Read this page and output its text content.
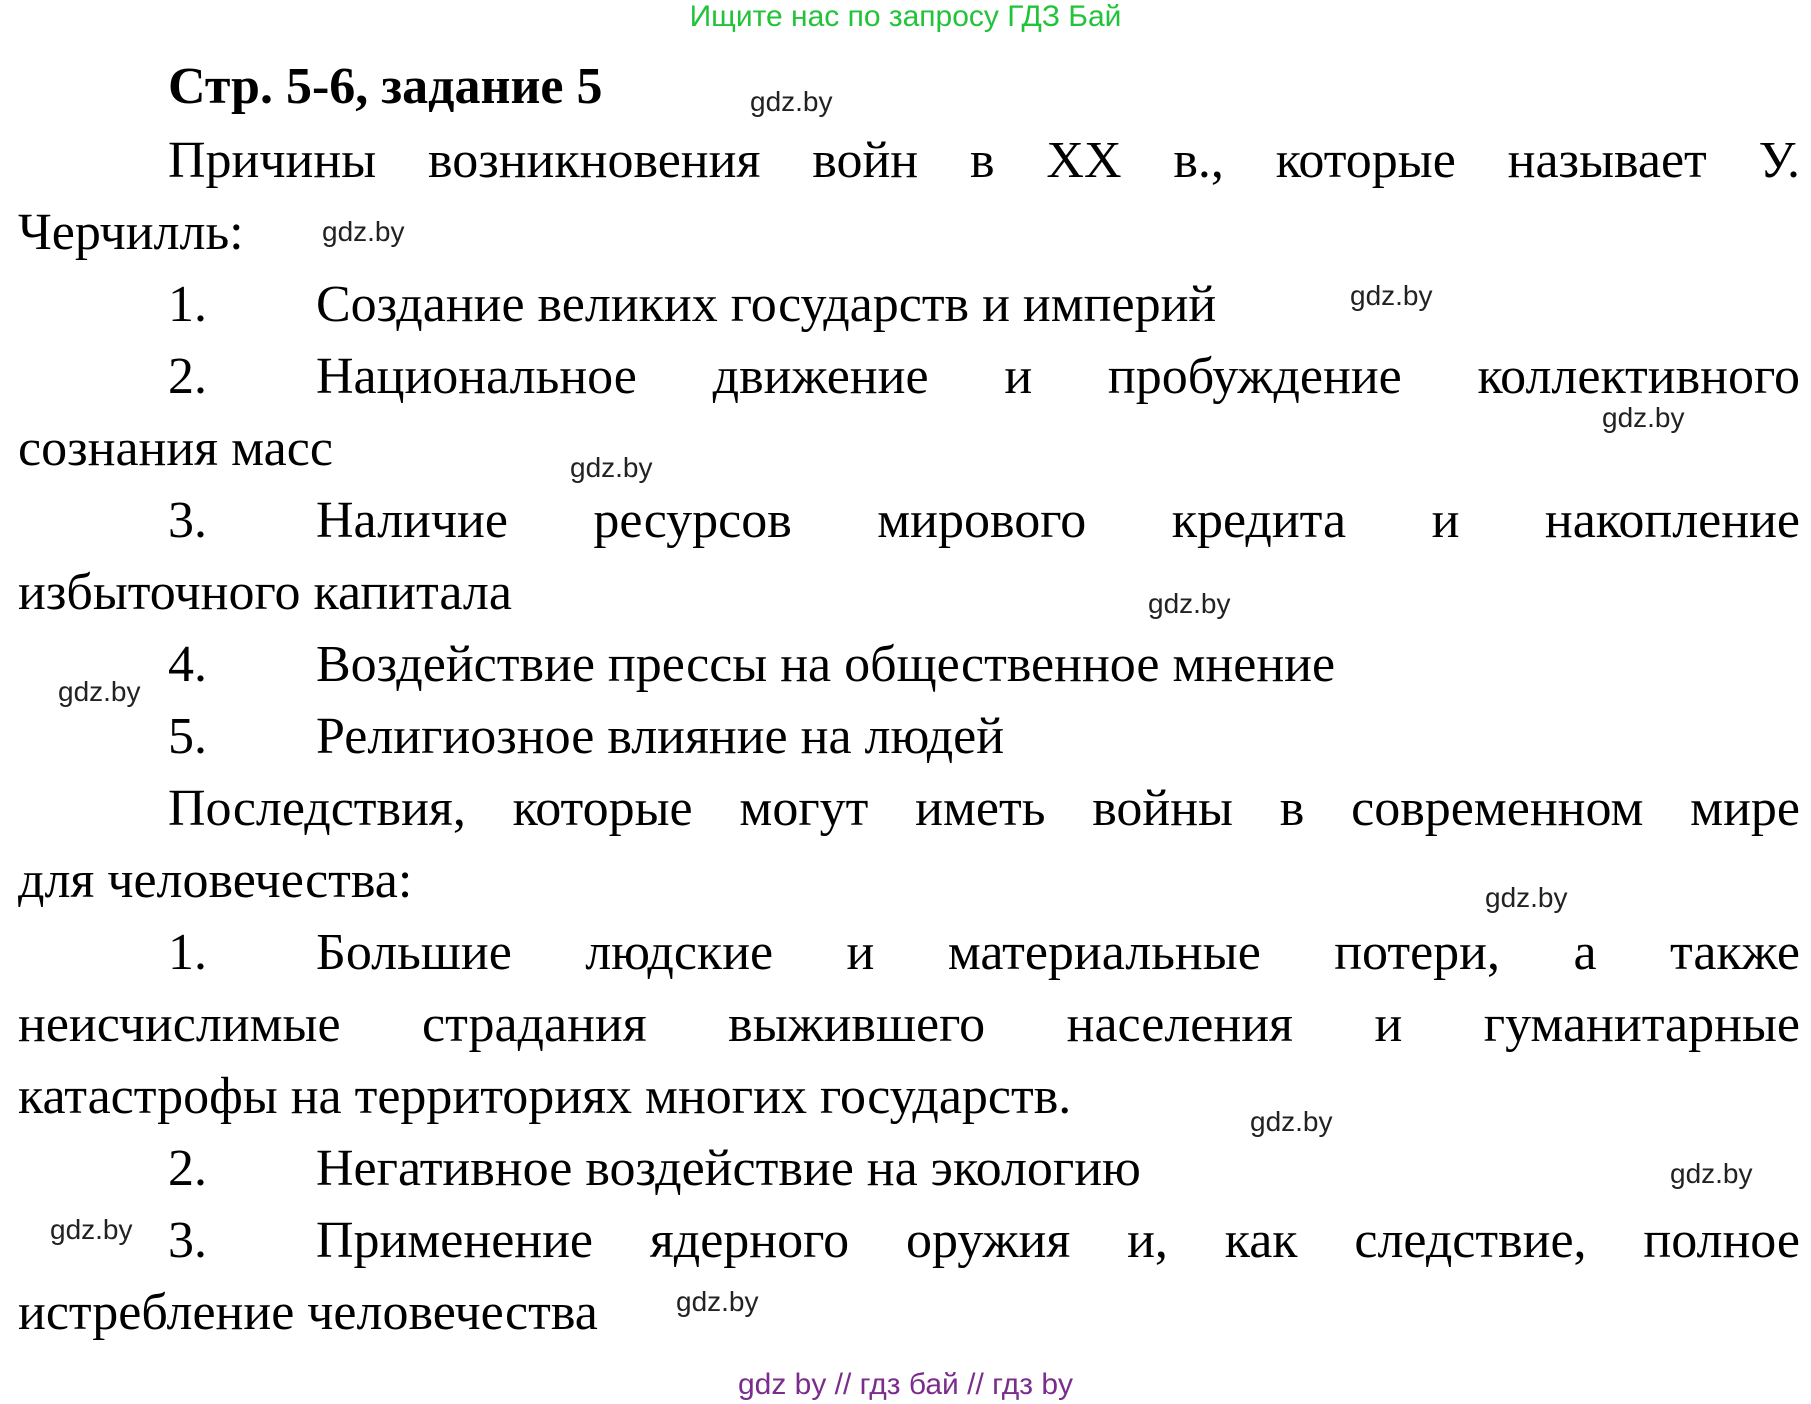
Ищите нас по запросу ГДЗ Бай
Стр. 5-6, задание 5
Причины возникновения войн в XX в., которые называет У.
Черчилль:
1. Создание великих государств и империй
2. Национальное движение и пробуждение коллективного
сознания масс
3. Наличие ресурсов мирового кредита и накопление
избыточного капитала
4. Воздействие прессы на общественное мнение
5. Религиозное влияние на людей
Последствия, которые могут иметь войны в современном мире
для человечества:
1. Большие людские и материальные потери, а также
неисчислимые страдания выжившего населения и гуманитарные
катастрофы на территориях многих государств.
2. Негативное воздействие на экологию
3. Применение ядерного оружия и, как следствие, полное
истребление человечества
gdz.by
gdz.by
gdz.by
gdz.by
gdz.by
gdz.by
gdz.by
gdz.by
gdz.by
gdz.by
gdz.by
gdz.by
gdz by // гдз бай // гдз by
